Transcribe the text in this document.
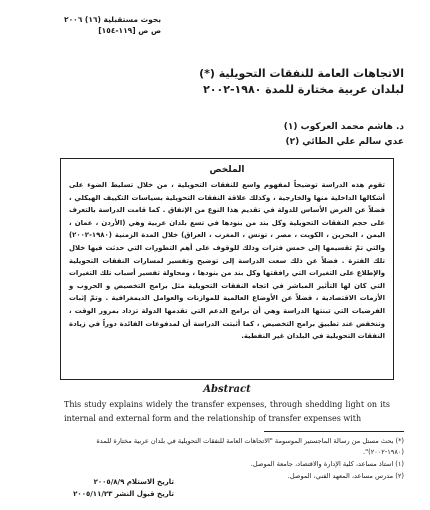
بحوث مستقبلية (١٦) ٢٠٠٦
ص ص [١١٩-١٥٤]
الاتجاهات العامة للنفقات التحويلية (*)
لبلدان عربية مختارة للمدة ١٩٨٠-٢٠٠٢
د. هاشم محمد العركوب (١)
عدي سالم علي الطائي (٢)
الملخص
تقوم هذه الدراسة توضيحاً لمفهوم واسع للنفقات التحويلية ، من خلال تسليط الضوء على أشكالها الداخلية منها والخارجية ، وكذلك علاقة النفقات التحويلية بسياسات التكييف الهيكلي ، فضلاً عن الغرض الأساس للدولة في تقديم هذا النوع من الإنفاق . كما قامت الدراسة بالتعرف على حجم النفقات التحويلية وكل بند من بنودها في تسع بلدان عربية وهي (الأردن ، عمان ، اليمن ، البحرين ، الكويت ، مصر ، تونس ، المغرب ، العراق) خلال المدة الزمنية (١٩٨٠-٢٠٠٢) والتي تمّ تقسيمها إلى خمس فترات وذلك للوقوف على أهم التطورات التي حدثت فيها خلال تلك الفترة . فضلاً عن ذلك سعت الدراسة إلى توضيح وتفسير لمسارات النفقات التحويلية والإطلاع على التغيرات التي رافقتها وكل بند من بنودها ، ومحاولة تفسير أسباب تلك التغيرات التي كان لها التأثير المباشر في اتجاه النفقات التحويلية مثل برامج التخصيص و الحروب و الأزمات الاقتصادية ، فضلاً عن الأوضاع العالمية للموازنات والعوامل الديمغرافية . وتمّ إثبات الفرضيات التي تبنتها الدراسة وهي أن برامج الدعم التي تقدمها الدولة تزداد بمرور الوقت ، وتنخفض عند تطبيق برامج التخصيص ، كما أثبتت الدراسة أن لمدفوعات الفائدة دوراً في زيادة النفقات التحويلية في البلدان غير النفطية.
Abstract
This study explains widely the transfer expenses, through shedding light on its internal and external form and the relationship of transfer expenses with
(*) بحث مستل من رسالة الماجستير الموسومة "الاتجاهات العامة للنفقات التحويلية في بلدان عربية مختارة للمدة (١٩٨٠-٢٠٠٢)".
(١) استاذ مساعد، كلية الإدارة والاقتصاد، جامعة الموصل.
(٢) مدرس مساعد، المعهد الفني، الموصل.
تاريخ الاستلام ٢٠٠٥/٨/٩
تاريخ قبول النشر ٢٠٠٥/١١/٢٣
